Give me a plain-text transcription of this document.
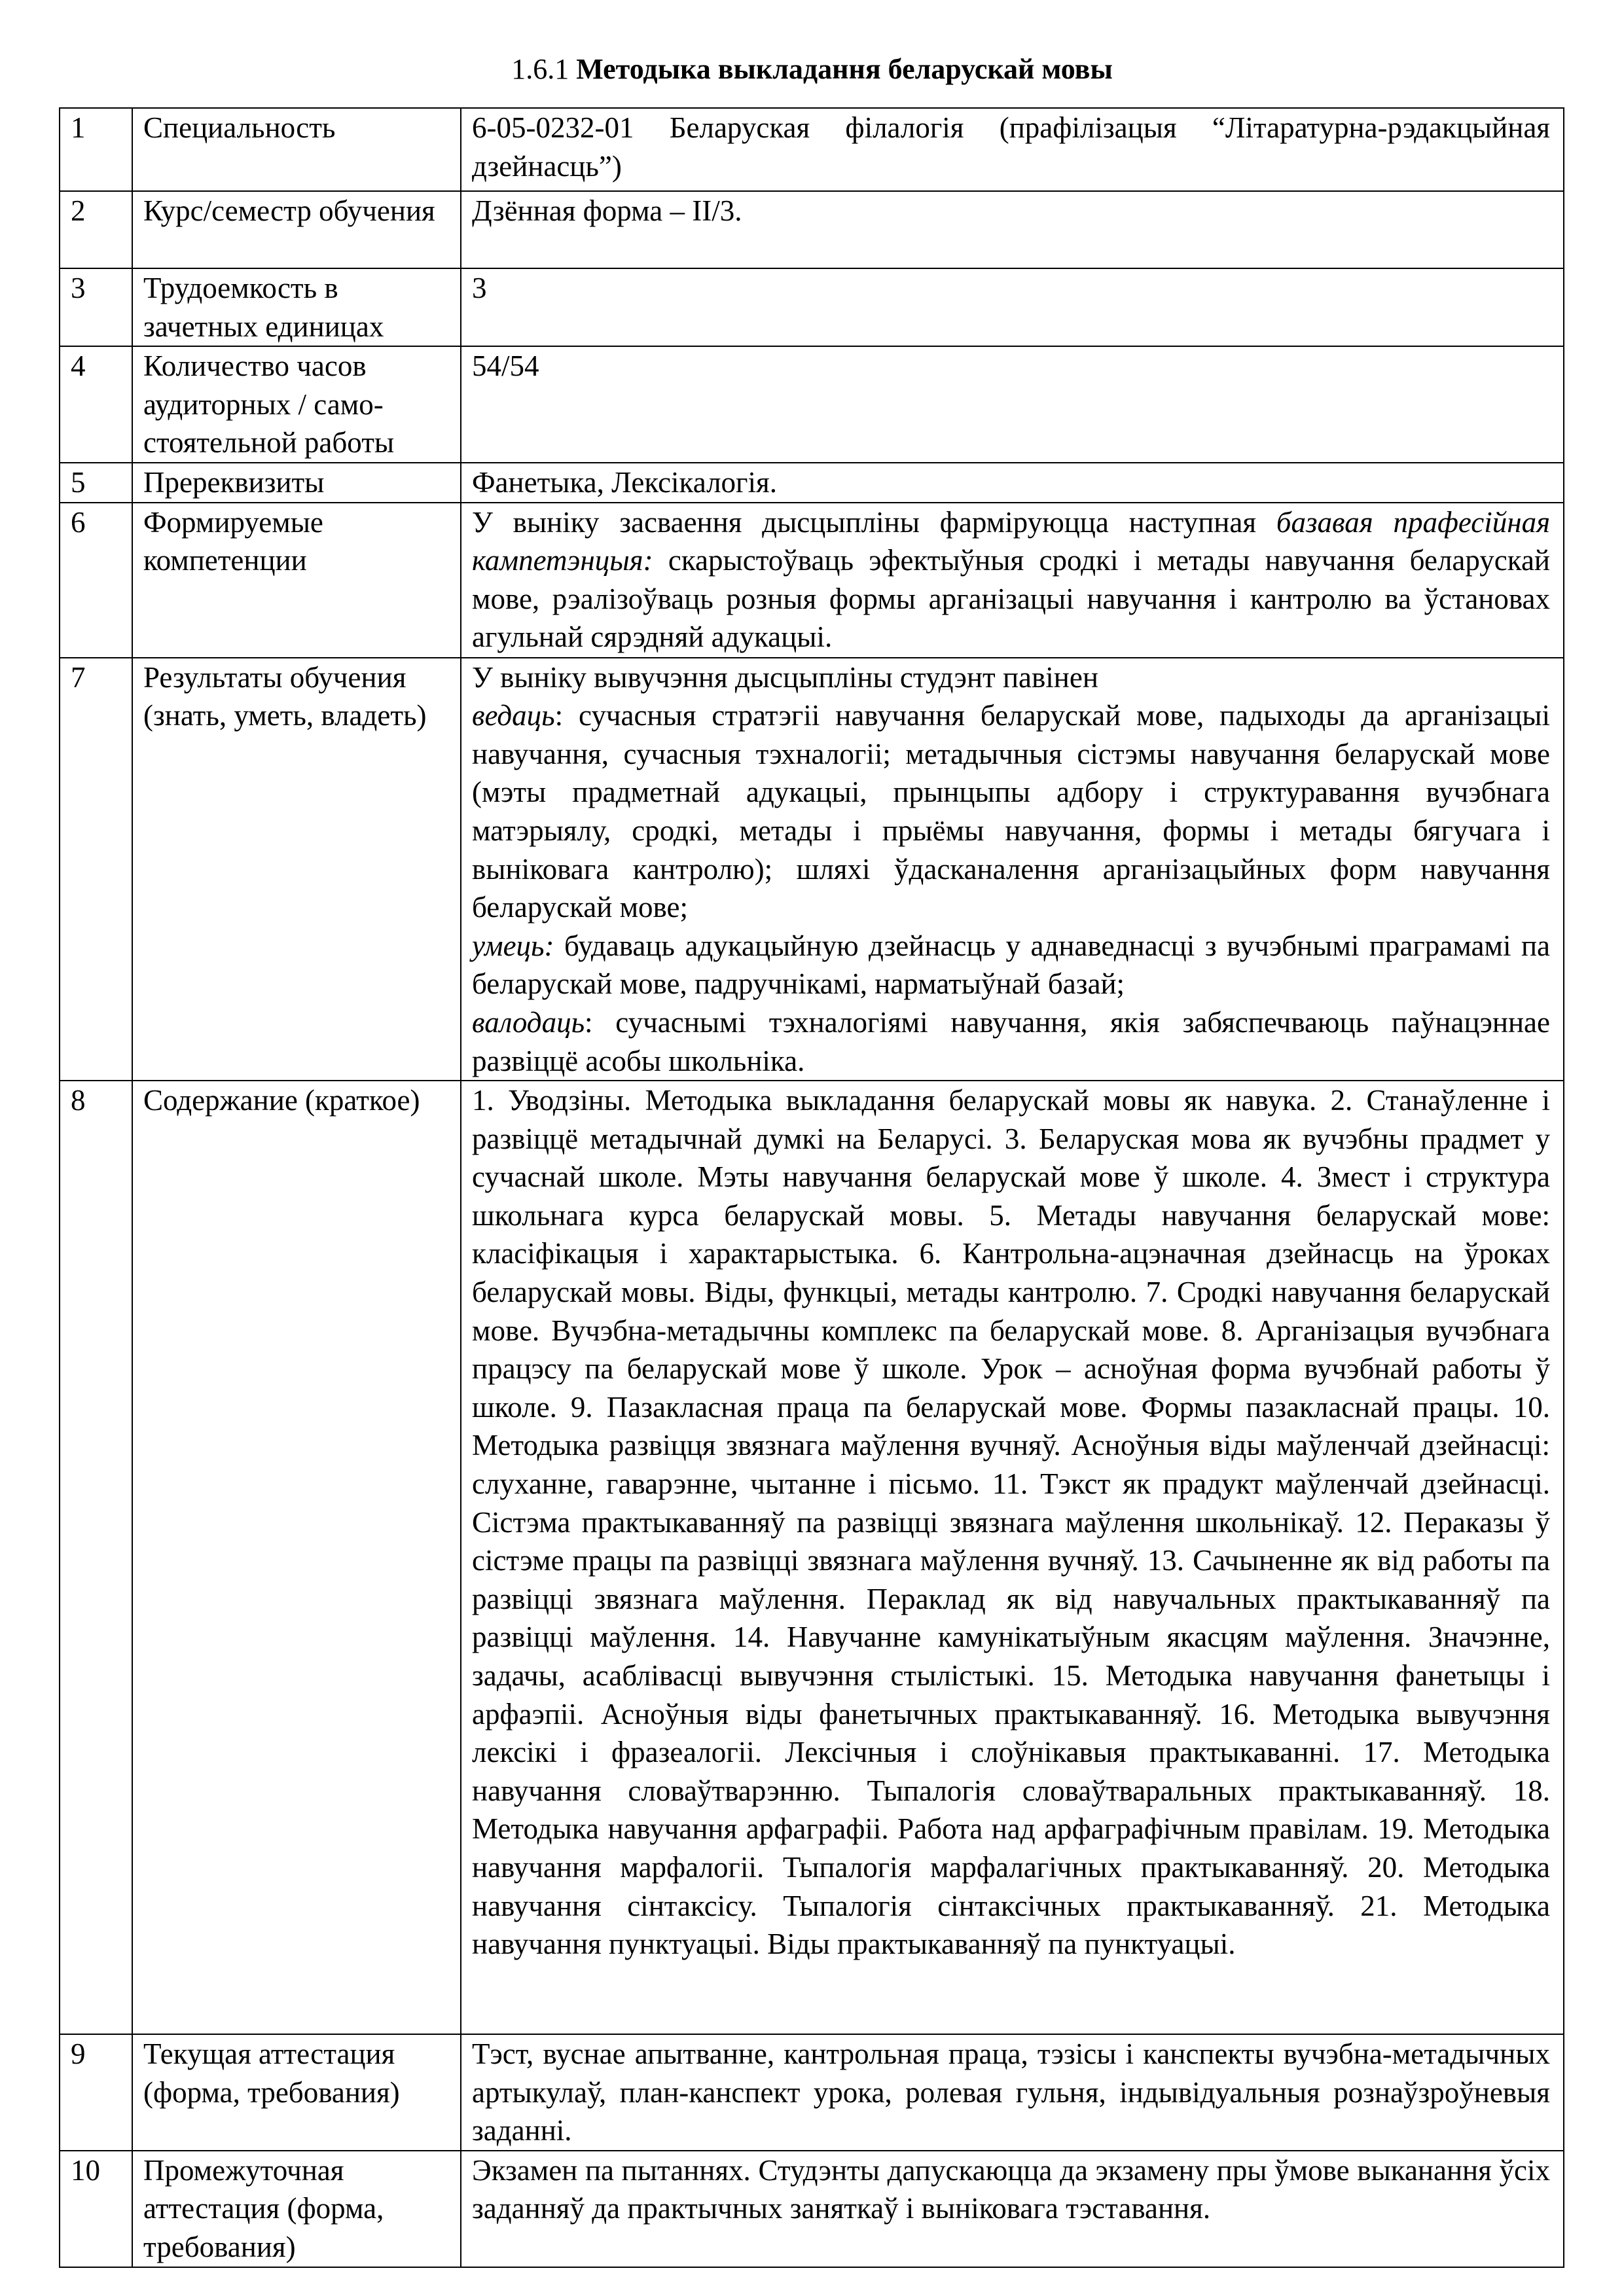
1.6.1 Методыка выкладання беларускай мовы
1	Специальность	6-05-0232-01 Беларуская філалогія (прафілізацыя “Літаратурна-рэдакцыйная дзейнасць”)
2	Курс/семестр обучения	Дзённая форма – II/3.
3	Трудоемкость в зачетных единицах	3
4	Количество часов аудиторных / само-стоятельной работы	54/54
5	Пререквизиты	Фанетыка, Лексікалогія.
6	Формируемые компетенции	У выніку засваення дысцыпліны фарміруюцца наступная базавая прафесійная кампетэнцыя: скарыстоўваць эфектыўныя сродкі і метады навучання беларускай мове, рэалізоўваць розныя формы арганізацыі навучання і кантролю ва ўстановах агульнай сярэдняй адукацыі.
7	Результаты обучения (знать, уметь, владеть)	У выніку вывучэння дысцыпліны студэнт павінен
ведаць: сучасныя стратэгіі навучання беларускай мове, падыходы да арганізацыі навучання, сучасныя тэхналогіі; метадычныя сістэмы навучання беларускай мове (мэты прадметнай адукацыі, прынцыпы адбору і структуравання вучэбнага матэрыялу, сродкі, метады і прыёмы навучання, формы і метады бягучага і выніковага кантролю); шляхі ўдасканалення арганізацыйных форм навучання беларускай мове;
умець: будаваць адукацыйную дзейнасць у аднаведнасці з вучэбнымі праграмамі па беларускай мове, падручнікамі, нарматыўнай базай;
валодаць: сучаснымі тэхналогіямі навучання, якія забяспечваюць паўнацэннае развіццё асобы школьніка.
8	Содержание (краткое)	1. Уводзіны. Методыка выкладання беларускай мовы як навука. 2. Станаўленне і развіццё метадычнай думкі на Беларусі. 3. Беларуская мова як вучэбны прадмет у сучаснай школе. Мэты навучання беларускай мове ў школе. 4. Змест і структура школьнага курса беларускай мовы. 5. Метады навучання беларускай мове: класіфікацыя і характарыстыка. 6. Кантрольна-ацэначная дзейнасць на ўроках беларускай мовы. Віды, функцыі, метады кантролю. 7. Сродкі навучання беларускай мове. Вучэбна-метадычны комплекс па беларускай мове. 8. Арганізацыя вучэбнага працэсу па беларускай мове ў школе. Урок – асноўная форма вучэбнай работы ў школе. 9. Пазакласная праца па беларускай мове. Формы пазакласнай працы. 10. Методыка развіцця звязнага маўлення вучняў. Асноўныя віды маўленчай дзейнасці: слуханне, гаварэнне, чытанне і пісьмо. 11. Тэкст як прадукт маўленчай дзейнасці. Сістэма практыкаванняў па развіцці звязнага маўлення школьнікаў. 12. Пераказы ў сістэме працы па развіцці звязнага маўлення вучняў. 13. Сачыненне як від работы па развіцці звязнага маўлення. Пераклад як від навучальных практыкаванняў па развіцці маўлення. 14. Навучанне камунікатыўным якасцям маўлення. Значэнне, задачы, асаблівасці вывучэння стылістыкі. 15. Методыка навучання фанетыцы і арфаэпіі. Асноўныя віды фанетычных практыкаванняў. 16. Методыка вывучэння лексікі і фразеалогіі. Лексічныя і слоўнікавыя практыкаванні. 17. Методыка навучання словаўтварэнню. Тыпалогія словаўтваральных практыкаванняў. 18. Методыка навучання арфаграфіі. Работа над арфаграфічным правілам. 19. Методыка навучання марфалогіі. Тыпалогія марфалагічных практыкаванняў. 20. Методыка навучання сінтаксісу. Тыпалогія сінтаксічных практыкаванняў. 21. Методыка навучання пунктуацыі. Віды практыкаванняў па пунктуацыі.
9	Текущая аттестация (форма, требования)	Тэст, вуснае апытванне, кантрольная праца, тэзісы і канспекты вучэбна-метадычных артыкулаў, план-канспект урока, ролевая гульня, індывідуальныя рознаўзроўневыя заданні.
10	Промежуточная аттестация (форма, требования)	Экзамен па пытаннях. Студэнты дапускаюцца да экзамену пры ўмове выканання ўсіх заданняў да практычных заняткаў і выніковага тэставання.
